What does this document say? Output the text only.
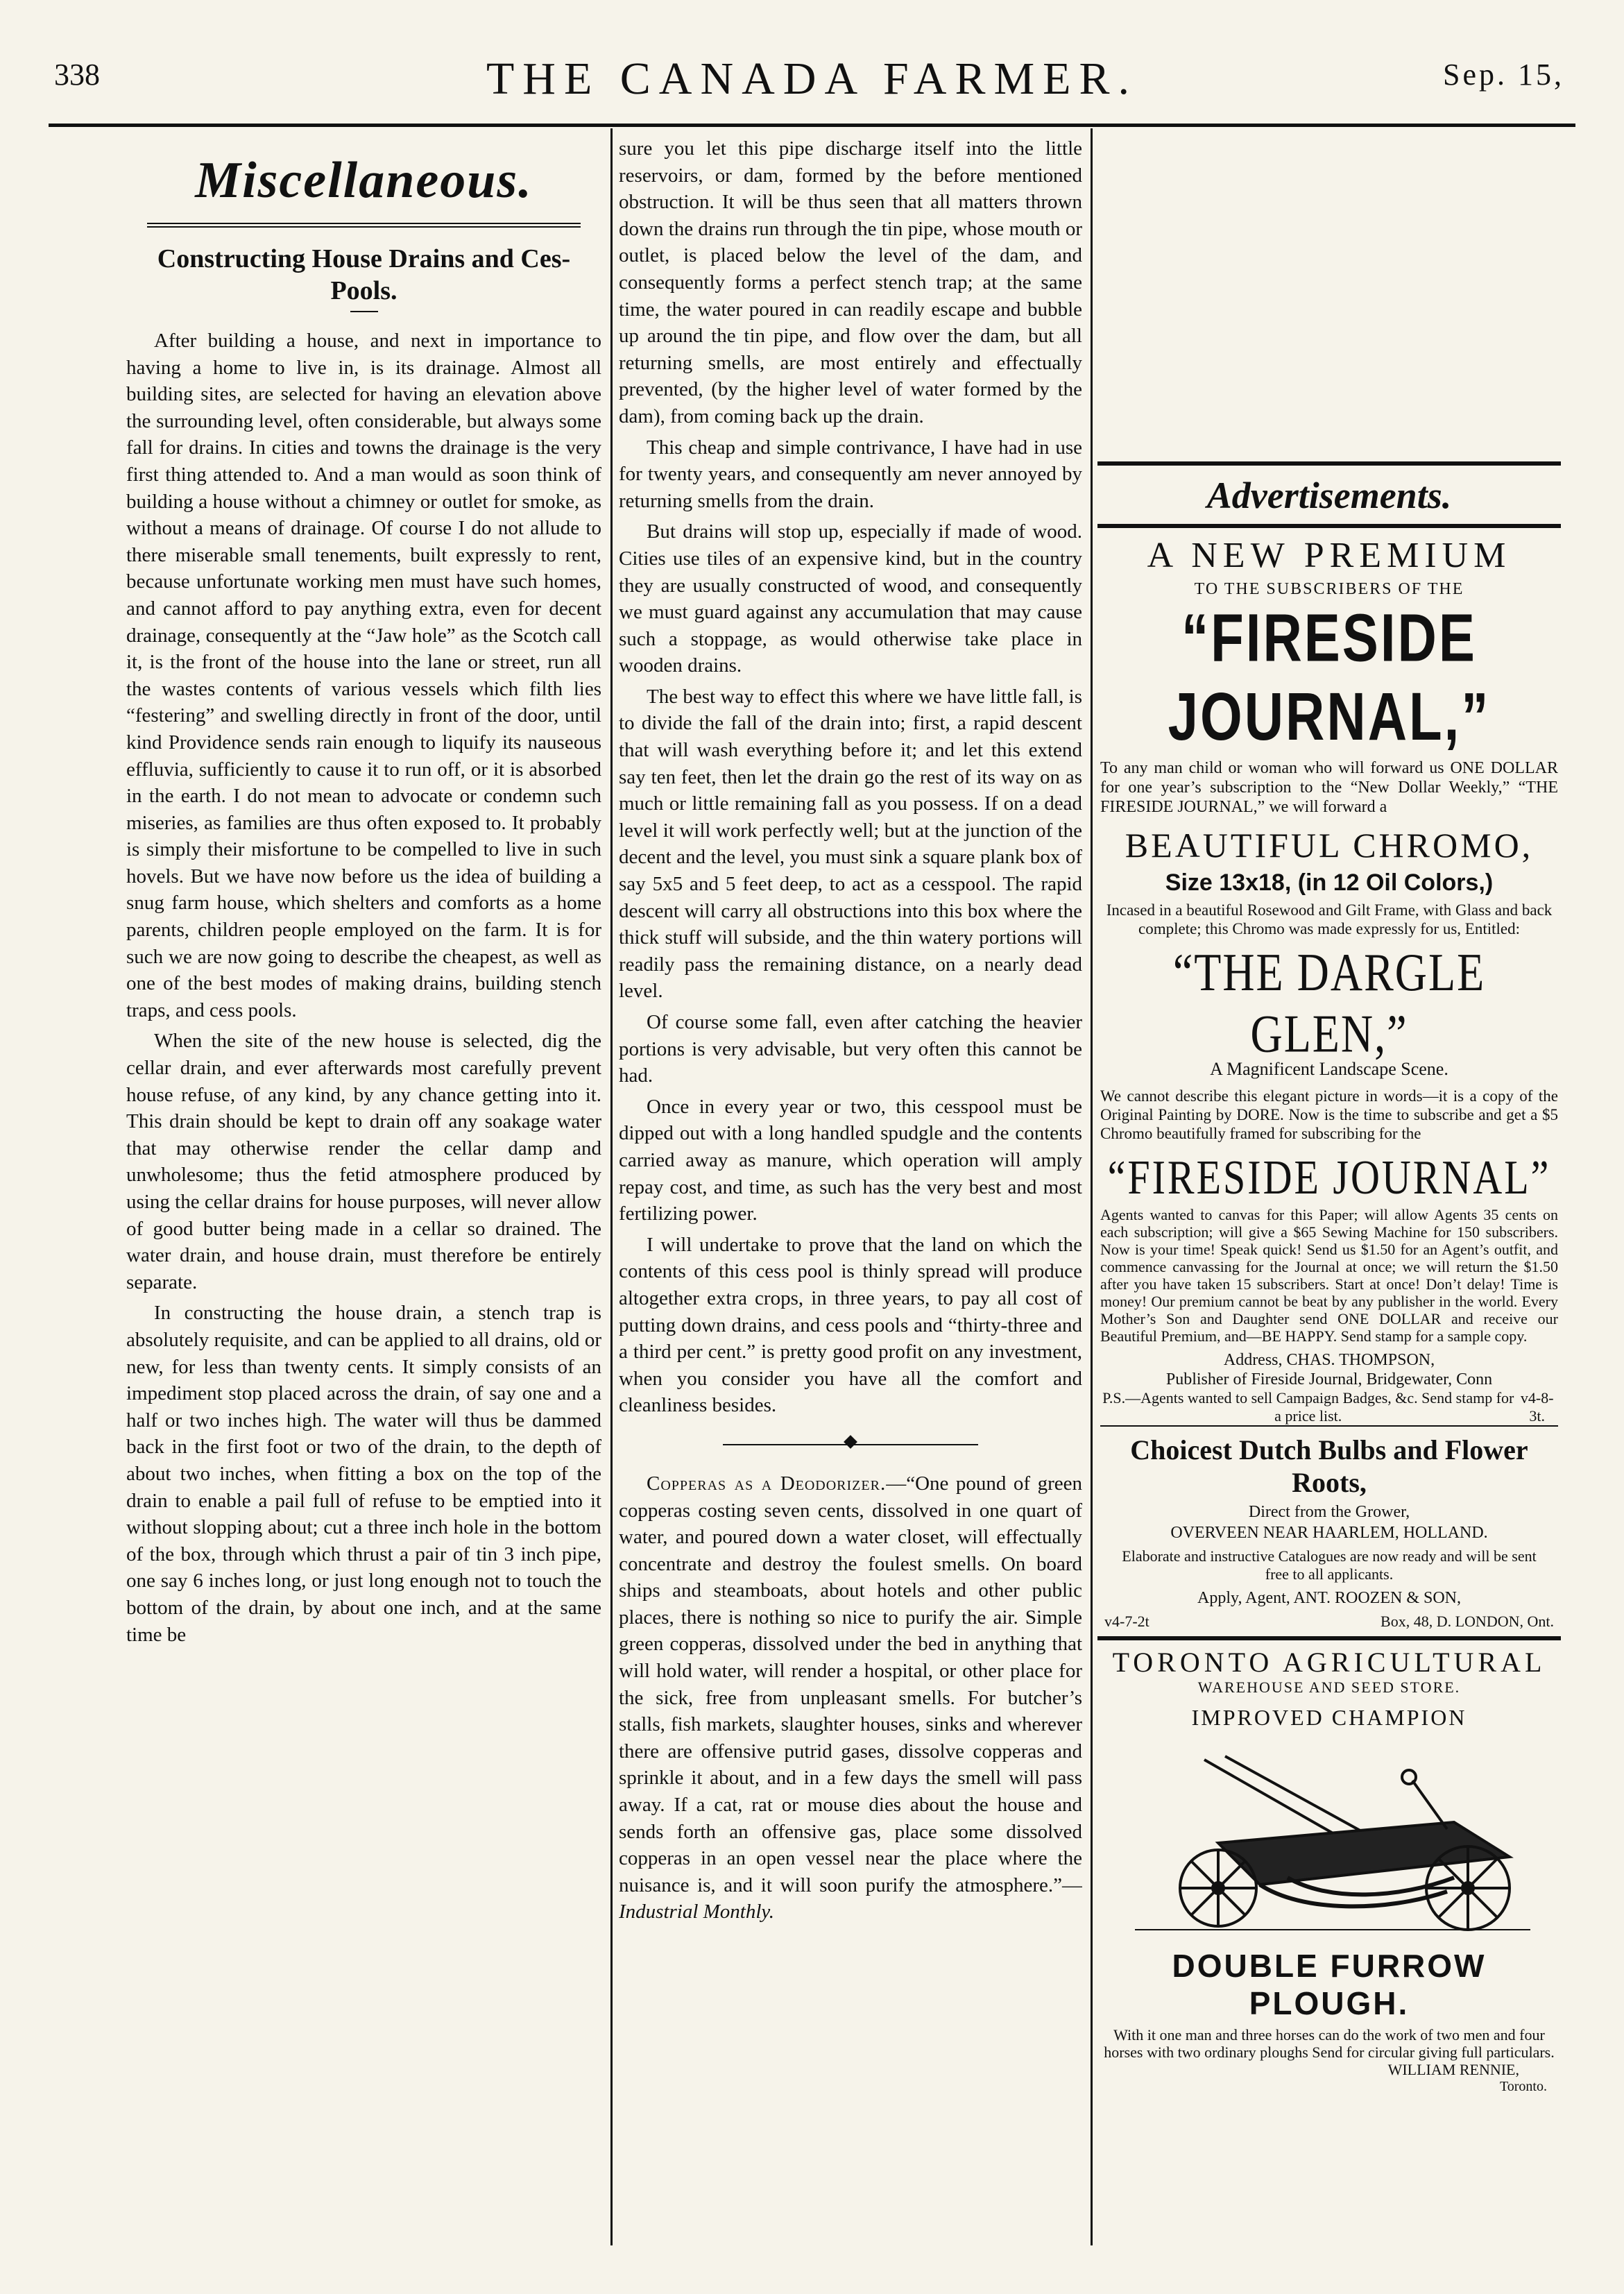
338	THE CANADA FARMER.	Sep. 15,
Miscellaneous.
Constructing House Drains and Ces-Pools.

After building a house, and next in importance to having a home to live in, is its drainage. Almost all building sites, are selected for having an elevation above the surrounding level, often considerable, but always some fall for drains. In cities and towns the drainage is the very first thing attended to. And a man would as soon think of building a house without a chimney or outlet for smoke, as without a means of drainage. Of course I do not allude to there miserable small tenements, built expressly to rent, because unfortunate working men must have such homes, and cannot afford to pay anything extra, even for decent drainage, consequently at the “Jaw hole” as the Scotch call it, is the front of the house into the lane or street, run all the wastes contents of various vessels which filth lies “festering” and swelling directly in front of the door, until kind Providence sends rain enough to liquify its nauseous effluvia, sufficiently to cause it to run off, or it is absorbed in the earth. I do not mean to advocate or condemn such miseries, as families are thus often exposed to. It probably is simply their misfortune to be compelled to live in such hovels. But we have now before us the idea of building a snug farm house, which shelters and comforts as a home parents, children people employed on the farm. It is for such we are now going to describe the cheapest, as well as one of the best modes of making drains, building stench traps, and cess pools.

When the site of the new house is selected, dig the cellar drain, and ever afterwards most carefully prevent house refuse, of any kind, by any chance getting into it. This drain should be kept to drain off any soakage water that may otherwise render the cellar damp and unwholesome; thus the fetid atmosphere produced by using the cellar drains for house purposes, will never allow of good butter being made in a cellar so drained. The water drain, and house drain, must therefore be entirely separate.

In constructing the house drain, a stench trap is absolutely requisite, and can be applied to all drains, old or new, for less than twenty cents. It simply consists of an impediment stop placed across the drain, of say one and a half or two inches high. The water will thus be dammed back in the first foot or two of the drain, to the depth of about two inches, when fitting a box on the top of the drain to enable a pail full of refuse to be emptied into it without slopping about; cut a three inch hole in the bottom of the box, through which thrust a pair of tin 3 inch pipe, one say 6 inches long, or just long enough not to touch the bottom of the drain, by about one inch, and at the same time be

sure you let this pipe discharge itself into the little reservoirs, or dam, formed by the before mentioned obstruction. It will be thus seen that all matters thrown down the drains run through the tin pipe, whose mouth or outlet, is placed below the level of the dam, and consequently forms a perfect stench trap; at the same time, the water poured in can readily escape and bubble up around the tin pipe, and flow over the dam, but all returning smells, are most entirely and effectually prevented, (by the higher level of water formed by the dam), from coming back up the drain.

This cheap and simple contrivance, I have had in use for twenty years, and consequently am never annoyed by returning smells from the drain.

But drains will stop up, especially if made of wood. Cities use tiles of an expensive kind, but in the country they are usually constructed of wood, and consequently we must guard against any accumulation that may cause such a stoppage, as would otherwise take place in wooden drains.

The best way to effect this where we have little fall, is to divide the fall of the drain into; first, a rapid descent that will wash everything before it; and let this extend say ten feet, then let the drain go the rest of its way on as much or little remaining fall as you possess. If on a dead level it will work perfectly well; but at the junction of the decent and the level, you must sink a square plank box of say 5x5 and 5 feet deep, to act as a cesspool. The rapid descent will carry all obstructions into this box where the thick stuff will subside, and the thin watery portions will readily pass the remaining distance, on a nearly dead level.

Of course some fall, even after catching the heavier portions is very advisable, but very often this cannot be had.

Once in every year or two, this cesspool must be dipped out with a long handled spudgle and the contents carried away as manure, which operation will amply repay cost, and time, as such has the very best and most fertilizing power.

I will undertake to prove that the land on which the contents of this cess pool is thinly spread will produce altogether extra crops, in three years, to pay all cost of putting down drains, and cess pools and “thirty-three and a third per cent.” is pretty good profit on any investment, when you consider you have all the comfort and cleanliness besides.

Copperas as a Deodorizer.—“One pound of green copperas costing seven cents, dissolved in one quart of water, and poured down a water closet, will effectually concentrate and destroy the foulest smells. On board ships and steamboats, about hotels and other public places, there is nothing so nice to purify the air. Simple green copperas, dissolved under the bed in anything that will hold water, will render a hospital, or other place for the sick, free from unpleasant smells. For butcher’s stalls, fish markets, slaughter houses, sinks and wherever there are offensive putrid gases, dissolve copperas and sprinkle it about, and in a few days the smell will pass away. If a cat, rat or mouse dies about the house and sends forth an offensive gas, place some dissolved copperas in an open vessel near the place where the nuisance is, and it will soon purify the atmosphere.”— Industrial Monthly.

Advertisements.
A NEW PREMIUM
TO THE SUBSCRIBERS OF THE
“FIRESIDE JOURNAL,”
To any man child or woman who will forward us ONE DOLLAR for one year’s subscription to the “New Dollar Weekly,” “THE FIRESIDE JOURNAL,” we will forward a
BEAUTIFUL CHROMO,
Size 13x18, (in 12 Oil Colors,)
Incased in a beautiful Rosewood and Gilt Frame, with Glass and back complete; this Chromo was made expressly for us, Entitled:
“THE DARGLE GLEN,”
A Magnificent Landscape Scene.
We cannot describe this elegant picture in words—it is a copy of the Original Painting by DORE. Now is the time to subscribe and get a $5 Chromo beautifully framed for subscribing for the
“FIRESIDE JOURNAL”
Agents wanted to canvas for this Paper; will allow Agents 35 cents on each subscription; will give a $65 Sewing Machine for 150 subscribers. Now is your time! Speak quick! Send us $1.50 for an Agent’s outfit, and commence canvassing for the Journal at once; we will return the $1.50 after you have taken 15 subscribers. Start at once! Don’t delay! Time is money! Our premium cannot be beat by any publisher in the world. Every Mother’s Son and Daughter send ONE DOLLAR and receive our Beautiful Premium, and—BE HAPPY. Send stamp for a sample copy.
Address, CHAS. THOMPSON,
Publisher of Fireside Journal, Bridgewater, Conn
P.S.—Agents wanted to sell Campaign Badges, &c. Send stamp for a price list.
v4-8-3t.
Choicest Dutch Bulbs and Flower Roots,
Direct from the Grower,
OVERVEEN NEAR HAARLEM, HOLLAND.
Elaborate and instructive Catalogues are now ready and will be sent free to all applicants.
Apply, Agent, ANT. ROOZEN & SON,
v4-7-2t	Box, 48, D. LONDON, Ont.
TORONTO AGRICULTURAL
WAREHOUSE AND SEED STORE.
IMPROVED CHAMPION
DOUBLE FURROW PLOUGH.
With it one man and three horses can do the work of two men and four horses with two ordinary ploughs Send for circular giving full particulars.
WILLIAM RENNIE,
Toronto.
